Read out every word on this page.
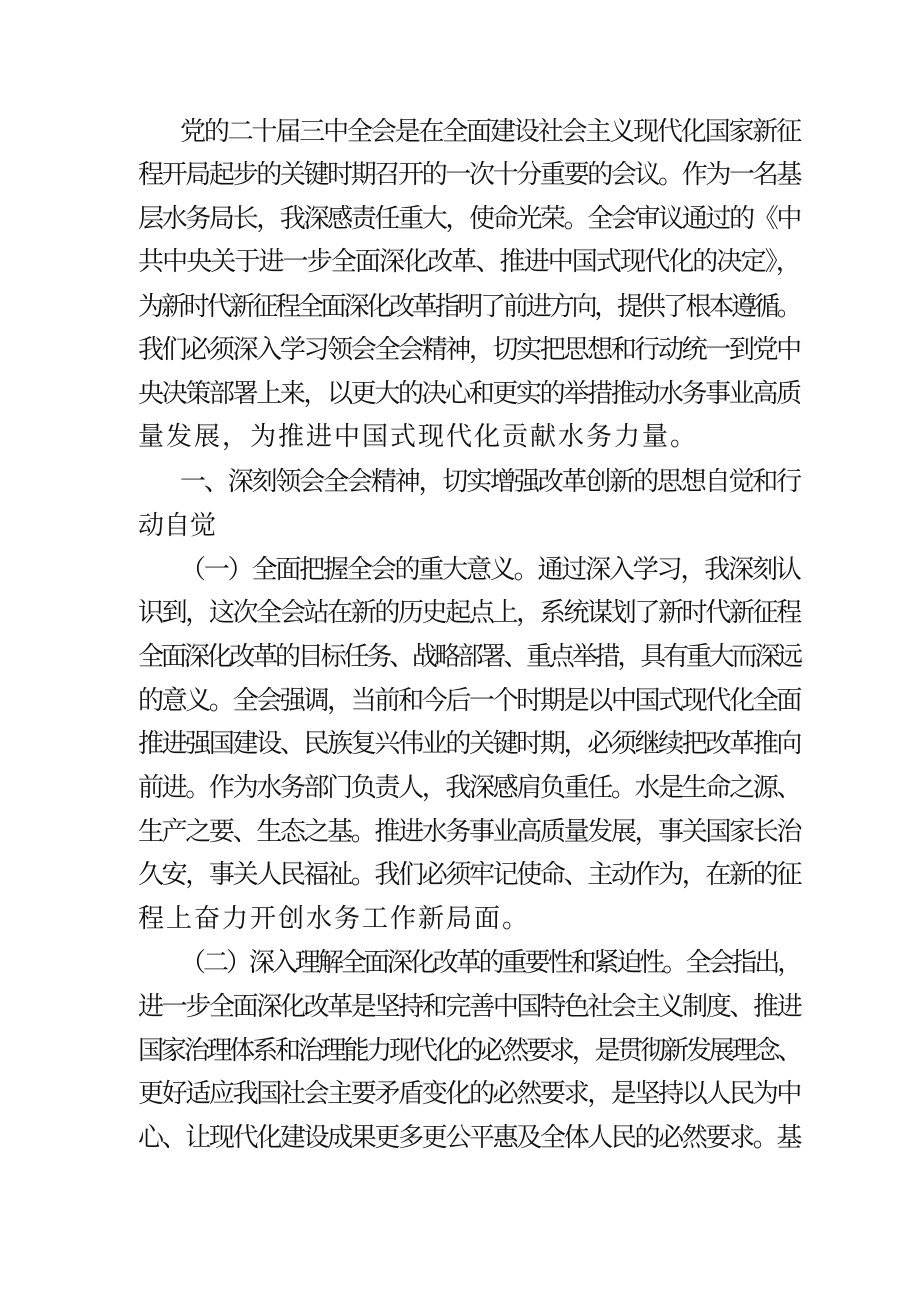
党的二十届三中全会是在全面建设社会主义现代化国家新征
程开局起步的关键时期召开的一次十分重要的会议。作为一名基
层水务局长，我深感责任重大，使命光荣。全会审议通过的《中
共中央关于进一步全面深化改革、推进中国式现代化的决定》，
为新时代新征程全面深化改革指明了前进方向，提供了根本遵循。
我们必须深入学习领会全会精神，切实把思想和行动统一到党中
央决策部署上来，以更大的决心和更实的举措推动水务事业高质
量发展，为推进中国式现代化贡献水务力量。
一、深刻领会全会精神，切实增强改革创新的思想自觉和行
动自觉
（一）全面把握全会的重大意义。通过深入学习，我深刻认
识到，这次全会站在新的历史起点上，系统谋划了新时代新征程
全面深化改革的目标任务、战略部署、重点举措，具有重大而深远
的意义。全会强调，当前和今后一个时期是以中国式现代化全面
推进强国建设、民族复兴伟业的关键时期，必须继续把改革推向
前进。作为水务部门负责人，我深感肩负重任。水是生命之源、
生产之要、生态之基。推进水务事业高质量发展，事关国家长治
久安，事关人民福祉。我们必须牢记使命、主动作为，在新的征
程上奋力开创水务工作新局面。
（二）深入理解全面深化改革的重要性和紧迫性。全会指出，
进一步全面深化改革是坚持和完善中国特色社会主义制度、推进
国家治理体系和治理能力现代化的必然要求，是贯彻新发展理念、
更好适应我国社会主要矛盾变化的必然要求，是坚持以人民为中
心、让现代化建设成果更多更公平惠及全体人民的必然要求。基
